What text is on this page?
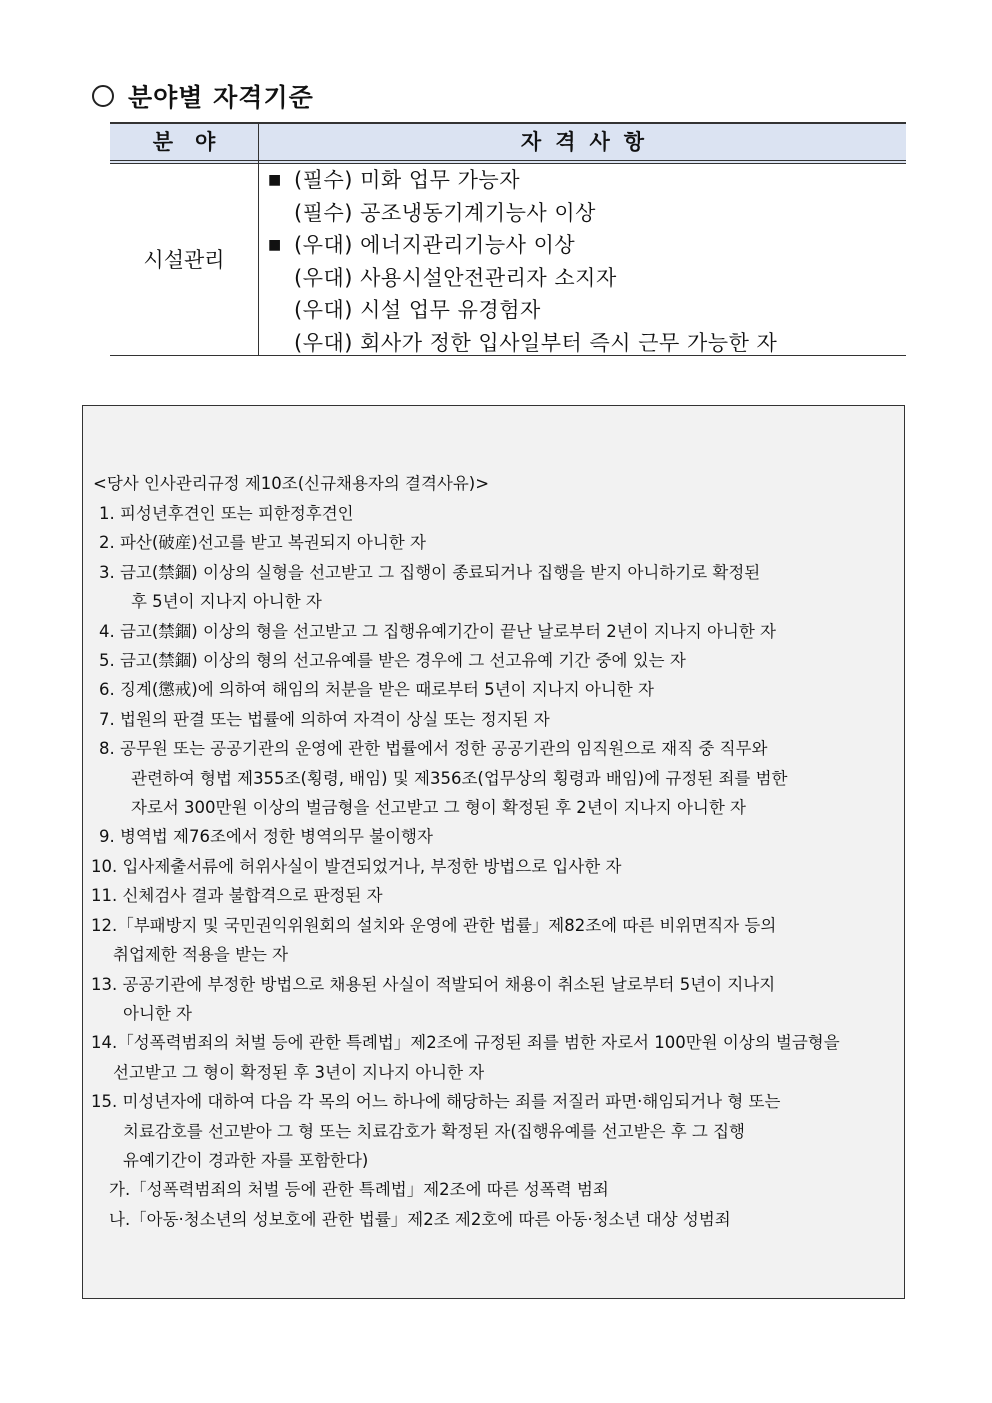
분야별 자격기준
분야	자격사항
시설관리
■ (필수) 미화 업무 가능자
(필수) 공조냉동기계기능사 이상
■ (우대) 에너지관리기능사 이상
(우대) 사용시설안전관리자 소지자
(우대) 시설 업무 유경험자
(우대) 회사가 정한 입사일부터 즉시 근무 가능한 자
<당사 인사관리규정 제10조(신규채용자의 결격사유)>
1. 피성년후견인 또는 피한정후견인
2. 파산(破産)선고를 받고 복권되지 아니한 자
3. 금고(禁錮) 이상의 실형을 선고받고 그 집행이 종료되거나 집행을 받지 아니하기로 확정된
후 5년이 지나지 아니한 자
4. 금고(禁錮) 이상의 형을 선고받고 그 집행유예기간이 끝난 날로부터 2년이 지나지 아니한 자
5. 금고(禁錮) 이상의 형의 선고유예를 받은 경우에 그 선고유예 기간 중에 있는 자
6. 징계(懲戒)에 의하여 해임의 처분을 받은 때로부터 5년이 지나지 아니한 자
7. 법원의 판결 또는 법률에 의하여 자격이 상실 또는 정지된 자
8. 공무원 또는 공공기관의 운영에 관한 법률에서 정한 공공기관의 임직원으로 재직 중 직무와
관련하여 형법 제355조(횡령, 배임) 및 제356조(업무상의 횡령과 배임)에 규정된 죄를 범한
자로서 300만원 이상의 벌금형을 선고받고 그 형이 확정된 후 2년이 지나지 아니한 자
9. 병역법 제76조에서 정한 병역의무 불이행자
10. 입사제출서류에 허위사실이 발견되었거나, 부정한 방법으로 입사한 자
11. 신체검사 결과 불합격으로 판정된 자
12.「부패방지 및 국민권익위원회의 설치와 운영에 관한 법률」제82조에 따른 비위면직자 등의
취업제한 적용을 받는 자
13. 공공기관에 부정한 방법으로 채용된 사실이 적발되어 채용이 취소된 날로부터 5년이 지나지
아니한 자
14.「성폭력범죄의 처벌 등에 관한 특례법」제2조에 규정된 죄를 범한 자로서 100만원 이상의 벌금형을
선고받고 그 형이 확정된 후 3년이 지나지 아니한 자
15. 미성년자에 대하여 다음 각 목의 어느 하나에 해당하는 죄를 저질러 파면·해임되거나 형 또는
치료감호를 선고받아 그 형 또는 치료감호가 확정된 자(집행유예를 선고받은 후 그 집행
유예기간이 경과한 자를 포함한다)
가.「성폭력범죄의 처벌 등에 관한 특례법」제2조에 따른 성폭력 범죄
나.「아동·청소년의 성보호에 관한 법률」제2조 제2호에 따른 아동·청소년 대상 성범죄
